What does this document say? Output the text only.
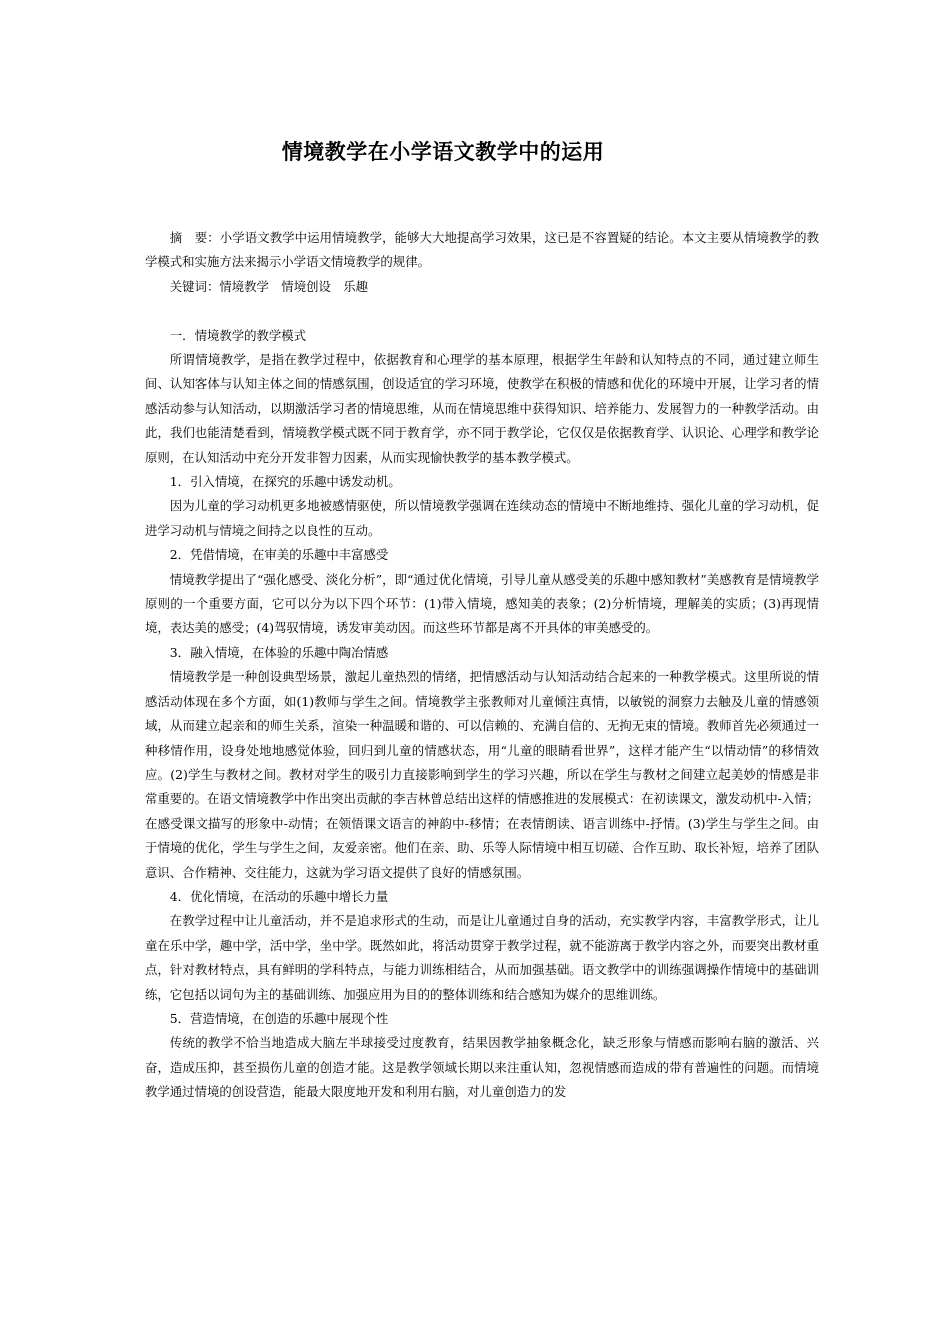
情境教学在小学语文教学中的运用

摘　要：小学语文教学中运用情境教学，能够大大地提高学习效果，这已是不容置疑的结论。本文主要从情境教学的教学模式和实施方法来揭示小学语文情境教学的规律。

关键词：情境教学　情境创设　乐趣

一．情境教学的教学模式

所谓情境教学，是指在教学过程中，依据教育和心理学的基本原理，根据学生年龄和认知特点的不同，通过建立师生间、认知客体与认知主体之间的情感氛围，创设适宜的学习环境，使教学在积极的情感和优化的环境中开展，让学习者的情感活动参与认知活动，以期激活学习者的情境思维，从而在情境思维中获得知识、培养能力、发展智力的一种教学活动。由此，我们也能清楚看到，情境教学模式既不同于教育学，亦不同于教学论，它仅仅是依据教育学、认识论、心理学和教学论原则，在认知活动中充分开发非智力因素，从而实现愉快教学的基本教学模式。

1．引入情境，在探究的乐趣中诱发动机。

因为儿童的学习动机更多地被感情驱使，所以情境教学强调在连续动态的情境中不断地维持、强化儿童的学习动机，促进学习动机与情境之间持之以良性的互动。

2．凭借情境，在审美的乐趣中丰富感受

情境教学提出了“强化感受、淡化分析”，即“通过优化情境，引导儿童从感受美的乐趣中感知教材”美感教育是情境教学原则的一个重要方面，它可以分为以下四个环节：(1)带入情境，感知美的表象；(2)分析情境，理解美的实质；(3)再现情境，表达美的感受；(4)驾驭情境，诱发审美动因。而这些环节都是离不开具体的审美感受的。

3．融入情境，在体验的乐趣中陶冶情感

情境教学是一种创设典型场景，激起儿童热烈的情绪，把情感活动与认知活动结合起来的一种教学模式。这里所说的情感活动体现在多个方面，如(1)教师与学生之间。情境教学主张教师对儿童倾注真情，以敏锐的洞察力去触及儿童的情感领域，从而建立起亲和的师生关系，渲染一种温暖和谐的、可以信赖的、充满自信的、无拘无束的情境。教师首先必须通过一种移情作用，设身处地地感觉体验，回归到儿童的情感状态，用“儿童的眼睛看世界”，这样才能产生“以情动情”的移情效应。(2)学生与教材之间。教材对学生的吸引力直接影响到学生的学习兴趣，所以在学生与教材之间建立起美妙的情感是非常重要的。在语文情境教学中作出突出贡献的李吉林曾总结出这样的情感推进的发展模式：在初读课文，激发动机中-入情；在感受课文描写的形象中-动情；在领悟课文语言的神韵中-移情；在表情朗读、语言训练中-抒情。(3)学生与学生之间。由于情境的优化，学生与学生之间，友爱亲密。他们在亲、助、乐等人际情境中相互切磋、合作互助、取长补短，培养了团队意识、合作精神、交往能力，这就为学习语文提供了良好的情感氛围。

4．优化情境，在活动的乐趣中增长力量

在教学过程中让儿童活动，并不是追求形式的生动，而是让儿童通过自身的活动，充实教学内容，丰富教学形式，让儿童在乐中学，趣中学，活中学，坐中学。既然如此，将活动贯穿于教学过程，就不能游离于教学内容之外，而要突出教材重点，针对教材特点，具有鲜明的学科特点，与能力训练相结合，从而加强基础。语文教学中的训练强调操作情境中的基础训练，它包括以词句为主的基础训练、加强应用为目的的整体训练和结合感知为媒介的思维训练。

5．营造情境，在创造的乐趣中展现个性

传统的教学不恰当地造成大脑左半球接受过度教育，结果因教学抽象概念化，缺乏形象与情感而影响右脑的激活、兴奋，造成压抑，甚至损伤儿童的创造才能。这是教学领域长期以来注重认知，忽视情感而造成的带有普遍性的问题。而情境教学通过情境的创设营造，能最大限度地开发和利用右脑，对儿童创造力的发
